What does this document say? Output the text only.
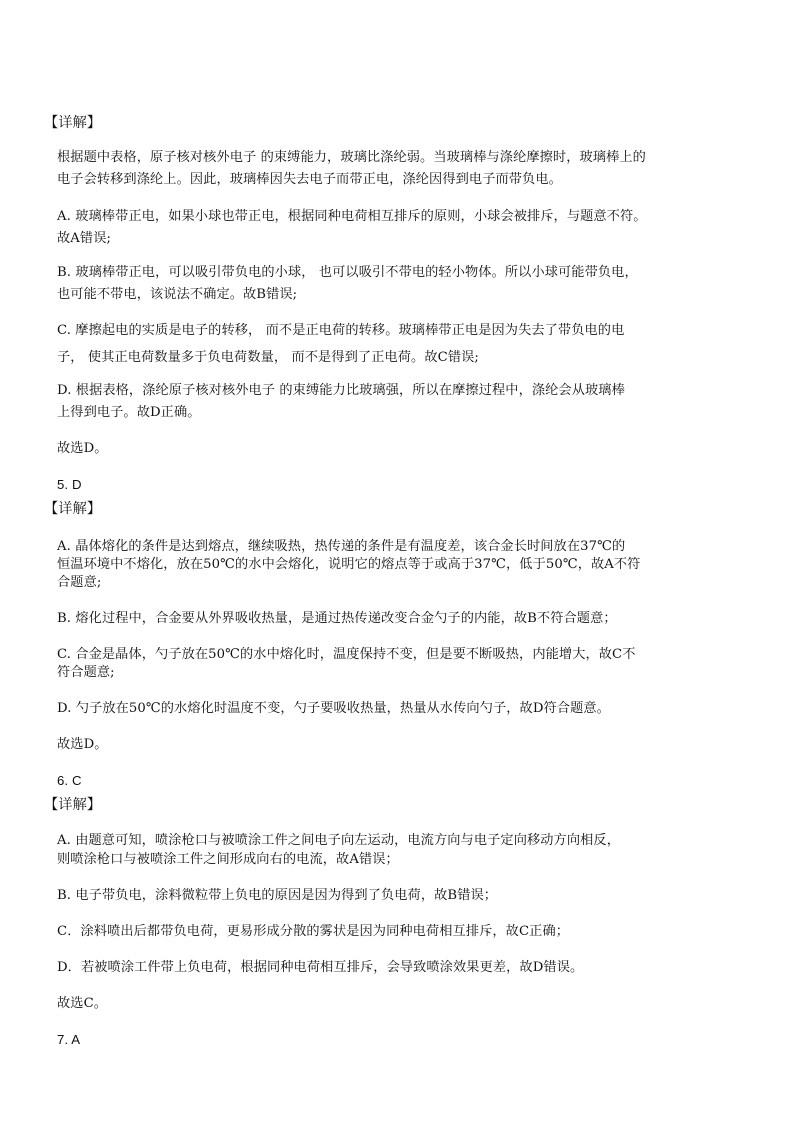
【详解】
根据题中表格，原子核对核外电子 的束缚能力，玻璃比涤纶弱。当玻璃棒与涤纶摩擦时，玻璃棒上的
电子会转移到涤纶上。因此，玻璃棒因失去电子而带正电，涤纶因得到电子而带负电。
A. 玻璃棒带正电，如果小球也带正电，根据同种电荷相互排斥的原则，小球会被排斥，与题意不符。
故A错误;
B. 玻璃棒带正电，可以吸引带负电的小球， 也可以吸引不带电的轻小物体。所以小球可能带负电，
也可能不带电，该说法不确定。故B错误;
C. 摩擦起电的实质是电子的转移， 而不是正电荷的转移。玻璃棒带正电是因为失去了带负电的电
子， 使其正电荷数量多于负电荷数量， 而不是得到了正电荷。故C错误;
D. 根据表格，涤纶原子核对核外电子 的束缚能力比玻璃强，所以在摩擦过程中，涤纶会从玻璃棒
上得到电子。故D正确。
故选D。
5. D
【详解】
A. 晶体熔化的条件是达到熔点，继续吸热，热传递的条件是有温度差，该合金长时间放在37℃的
恒温环境中不熔化，放在50℃的水中会熔化，说明它的熔点等于或高于37℃，低于50℃，故A不符
合题意;
B. 熔化过程中，合金要从外界吸收热量，是通过热传递改变合金勺子的内能，故B不符合题意；
C. 合金是晶体，勺子放在50℃的水中熔化时，温度保持不变，但是要不断吸热，内能增大，故C不
符合题意;
D. 勺子放在50℃的水熔化时温度不变，勺子要吸收热量，热量从水传向勺子，故D符合题意。
故选D。
6. C
【详解】
A. 由题意可知，喷涂枪口与被喷涂工件之间电子向左运动，电流方向与电子定向移动方向相反，
则喷涂枪口与被喷涂工件之间形成向右的电流，故A错误；
B. 电子带负电，涂料微粒带上负电的原因是因为得到了负电荷，故B错误；
C．涂料喷出后都带负电荷，更易形成分散的雾状是因为同种电荷相互排斥，故C正确；
D．若被喷涂工件带上负电荷，根据同种电荷相互排斥，会导致喷涂效果更差，故D错误。
故选C。
7. A
